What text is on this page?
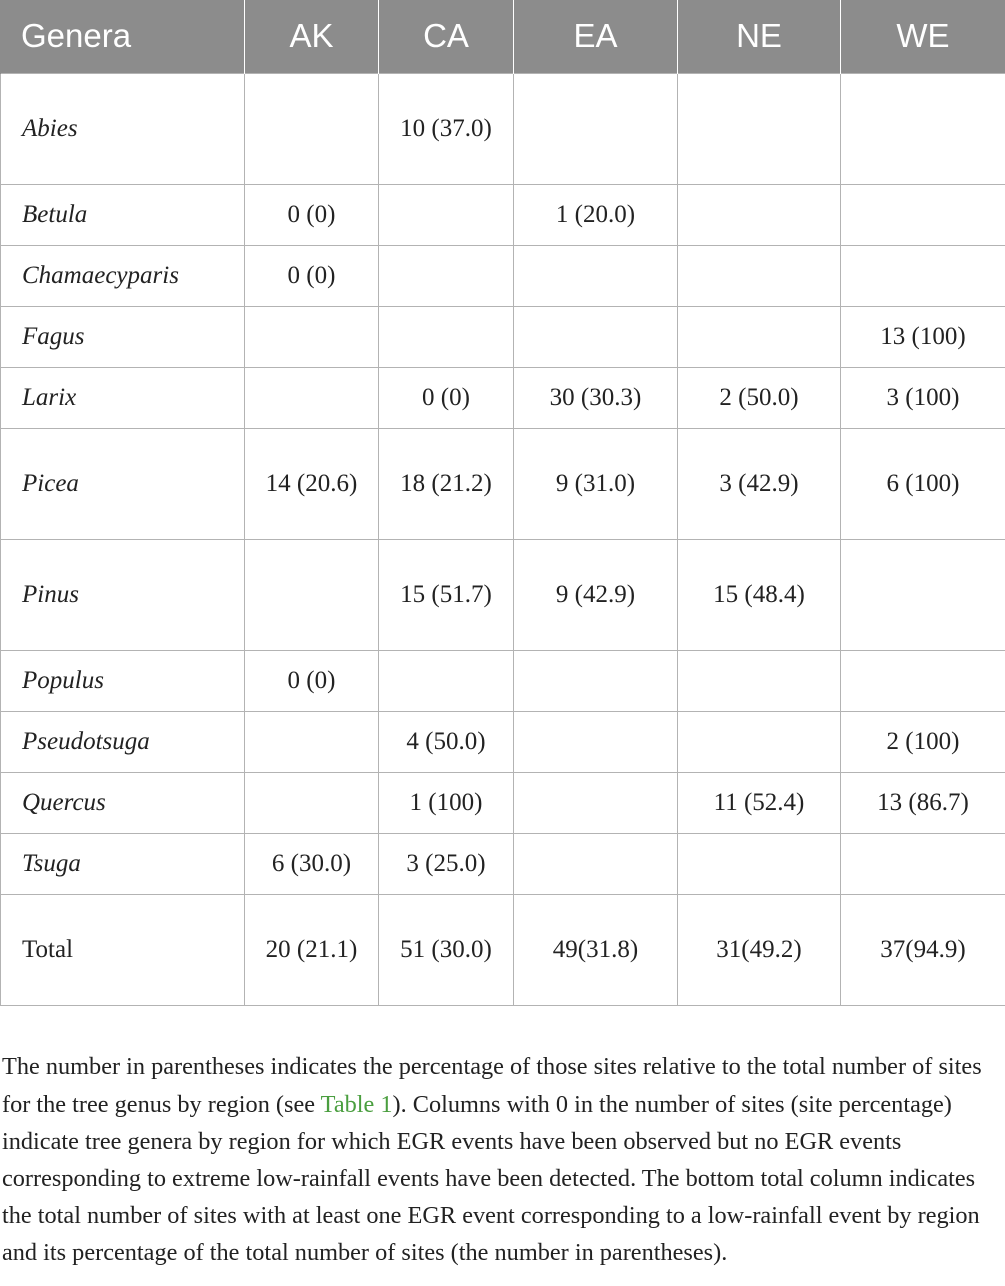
Genera	AK	CA	EA	NE	WE
Abies		10 (37.0)			
Betula	0 (0)		1 (20.0)		
Chamaecyparis	0 (0)				
Fagus					13 (100)
Larix		0 (0)	30 (30.3)	2 (50.0)	3 (100)
Picea	14 (20.6)	18 (21.2)	9 (31.0)	3 (42.9)	6 (100)
Pinus		15 (51.7)	9 (42.9)	15 (48.4)	
Populus	0 (0)				
Pseudotsuga		4 (50.0)			2 (100)
Quercus		1 (100)		11 (52.4)	13 (86.7)
Tsuga	6 (30.0)	3 (25.0)			
Total	20 (21.1)	51 (30.0)	49(31.8)	31(49.2)	37(94.9)

The number in parentheses indicates the percentage of those sites relative to the total number of sites for the tree genus by region (see Table 1). Columns with 0 in the number of sites (site percentage) indicate tree genera by region for which EGR events have been observed but no EGR events corresponding to extreme low-rainfall events have been detected. The bottom total column indicates the total number of sites with at least one EGR event corresponding to a low-rainfall event by region and its percentage of the total number of sites (the number in parentheses).
